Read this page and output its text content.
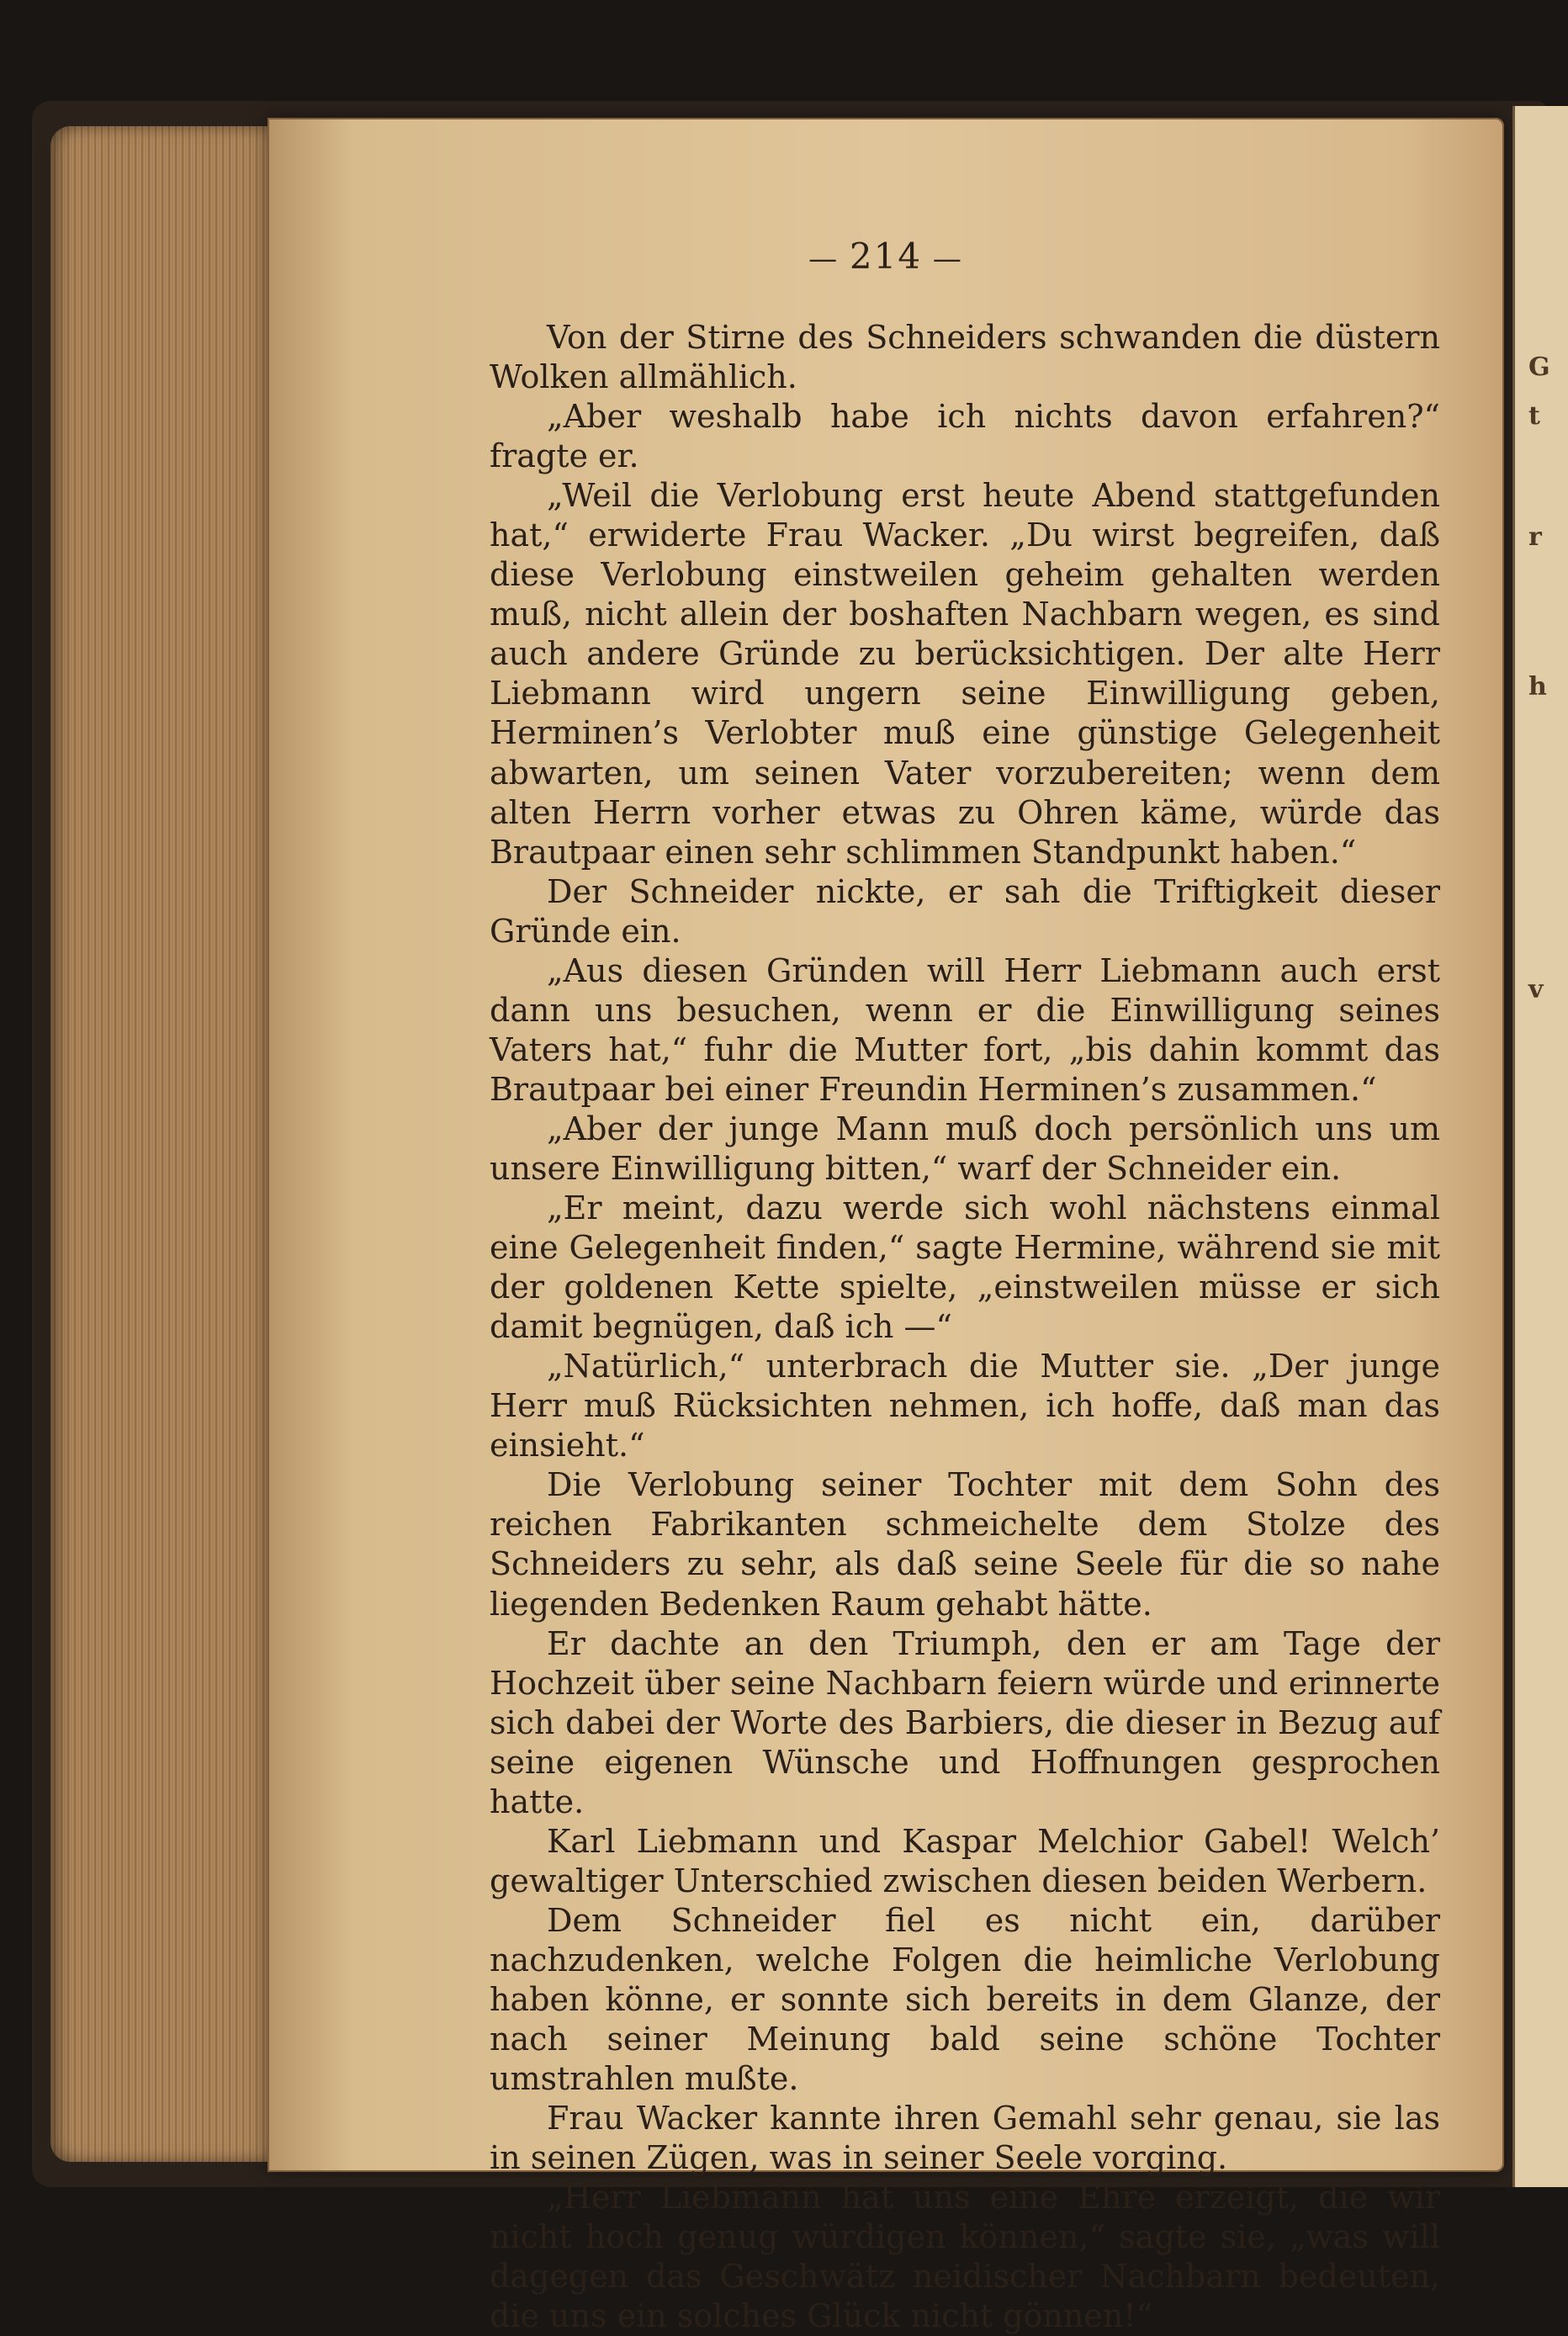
— 214 —

Von der Stirne des Schneiders schwanden die düstern Wolken allmählich.

„Aber weshalb habe ich nichts davon erfahren?“ fragte er.

„Weil die Verlobung erst heute Abend stattgefunden hat,“ erwiderte Frau Wacker. „Du wirst begreifen, daß diese Verlobung einstweilen geheim gehalten werden muß, nicht allein der boshaften Nachbarn wegen, es sind auch andere Gründe zu berücksichtigen. Der alte Herr Liebmann wird ungern seine Einwilligung geben, Herminen’s Verlobter muß eine günstige Gelegenheit abwarten, um seinen Vater vorzubereiten; wenn dem alten Herrn vorher etwas zu Ohren käme, würde das Brautpaar einen sehr schlimmen Standpunkt haben.“

Der Schneider nickte, er sah die Triftigkeit dieser Gründe ein.

„Aus diesen Gründen will Herr Liebmann auch erst dann uns besuchen, wenn er die Einwilligung seines Vaters hat,“ fuhr die Mutter fort, „bis dahin kommt das Brautpaar bei einer Freundin Herminen’s zusammen.“

„Aber der junge Mann muß doch persönlich uns um unsere Einwilligung bitten,“ warf der Schneider ein.

„Er meint, dazu werde sich wohl nächstens einmal eine Gelegenheit finden,“ sagte Hermine, während sie mit der goldenen Kette spielte, „einstweilen müsse er sich damit begnügen, daß ich —“

„Natürlich,“ unterbrach die Mutter sie. „Der junge Herr muß Rücksichten nehmen, ich hoffe, daß man das einsieht.“

Die Verlobung seiner Tochter mit dem Sohn des reichen Fabrikanten schmeichelte dem Stolze des Schneiders zu sehr, als daß seine Seele für die so nahe liegenden Bedenken Raum gehabt hätte.

Er dachte an den Triumph, den er am Tage der Hochzeit über seine Nachbarn feiern würde und erinnerte sich dabei der Worte des Barbiers, die dieser in Bezug auf seine eigenen Wünsche und Hoffnungen gesprochen hatte.

Karl Liebmann und Kaspar Melchior Gabel! Welch’ gewaltiger Unterschied zwischen diesen beiden Werbern.

Dem Schneider fiel es nicht ein, darüber nachzudenken, welche Folgen die heimliche Verlobung haben könne, er sonnte sich bereits in dem Glanze, der nach seiner Meinung bald seine schöne Tochter umstrahlen mußte.

Frau Wacker kannte ihren Gemahl sehr genau, sie las in seinen Zügen, was in seiner Seele vorging.

„Herr Liebmann hat uns eine Ehre erzeigt, die wir nicht hoch genug würdigen können,“ sagte sie, „was will dagegen das Geschwätz neidischer Nachbarn bedeuten, die uns ein solches Glück nicht gönnen!“

G
t
r
h
v
